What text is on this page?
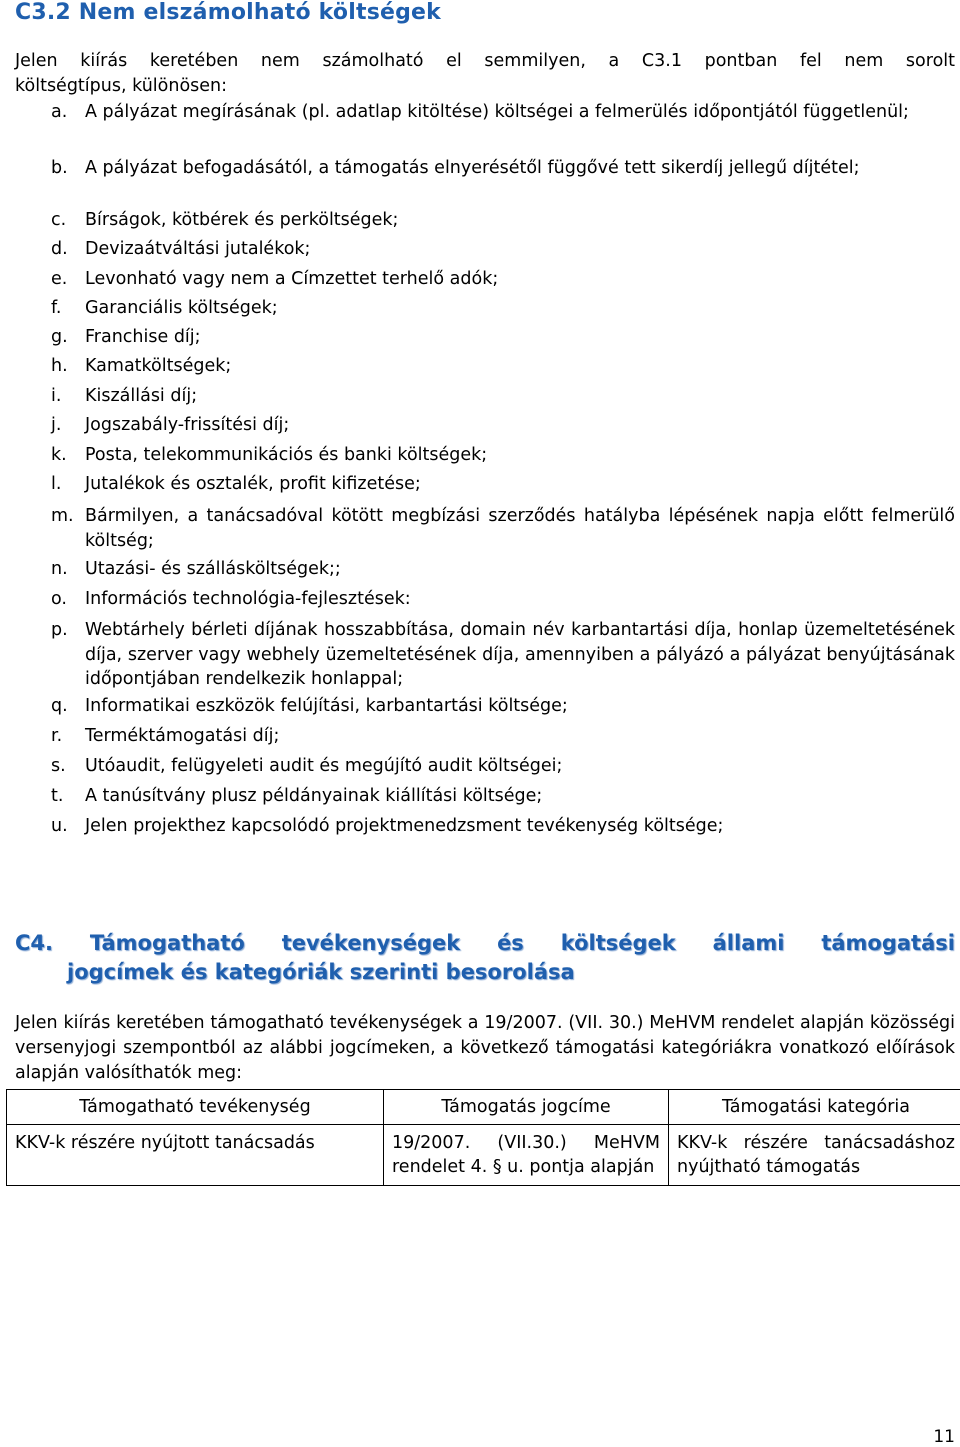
C3.2 Nem elszámolható költségek
Jelen kiírás keretében nem számolható el semmilyen, a C3.1 pontban fel nem sorolt
költségtípus, különösen:
a. A pályázat megírásának (pl. adatlap kitöltése) költségei a felmerülés időpontjától függetlenül;
b. A pályázat befogadásától, a támogatás elnyerésétől függővé tett sikerdíj jellegű díjtétel;
c. Bírságok, kötbérek és perköltségek;
d. Devizaátváltási jutalékok;
e. Levonható vagy nem a Címzettet terhelő adók;
f. Garanciális költségek;
g. Franchise díj;
h. Kamatköltségek;
i. Kiszállási díj;
j. Jogszabály-frissítési díj;
k. Posta, telekommunikációs és banki költségek;
l. Jutalékok és osztalék, profit kifizetése;
m. Bármilyen, a tanácsadóval kötött megbízási szerződés hatályba lépésének napja előtt felmerülő költség;
n. Utazási- és szállásköltségek;;
o. Információs technológia-fejlesztések:
p. Webtárhely bérleti díjának hosszabbítása, domain név karbantartási díja, honlap üzemeltetésének díja, szerver vagy webhely üzemeltetésének díja, amennyiben a pályázó a pályázat benyújtásának időpontjában rendelkezik honlappal;
q. Informatikai eszközök felújítási, karbantartási költsége;
r. Terméktámogatási díj;
s. Utóaudit, felügyeleti audit és megújító audit költségei;
t. A tanúsítvány plusz példányainak kiállítási költsége;
u. Jelen projekthez kapcsolódó projektmenedzsment tevékenység költsége;
C4. Támogatható tevékenységek és költségek állami támogatási
jogcímek és kategóriák szerinti besorolása
Jelen kiírás keretében támogatható tevékenységek a 19/2007. (VII. 30.) MeHVM rendelet alapján közösségi versenyjogi szempontból az alábbi jogcímeken, a következő támogatási kategóriákra vonatkozó előírások alapján valósíthatók meg:
Támogatható tevékenység	Támogatás jogcíme	Támogatási kategória
KKV-k részére nyújtott tanácsadás	19/2007. (VII.30.) MeHVM rendelet 4. § u. pontja alapján	KKV-k részére tanácsadáshoz nyújtható támogatás
11
